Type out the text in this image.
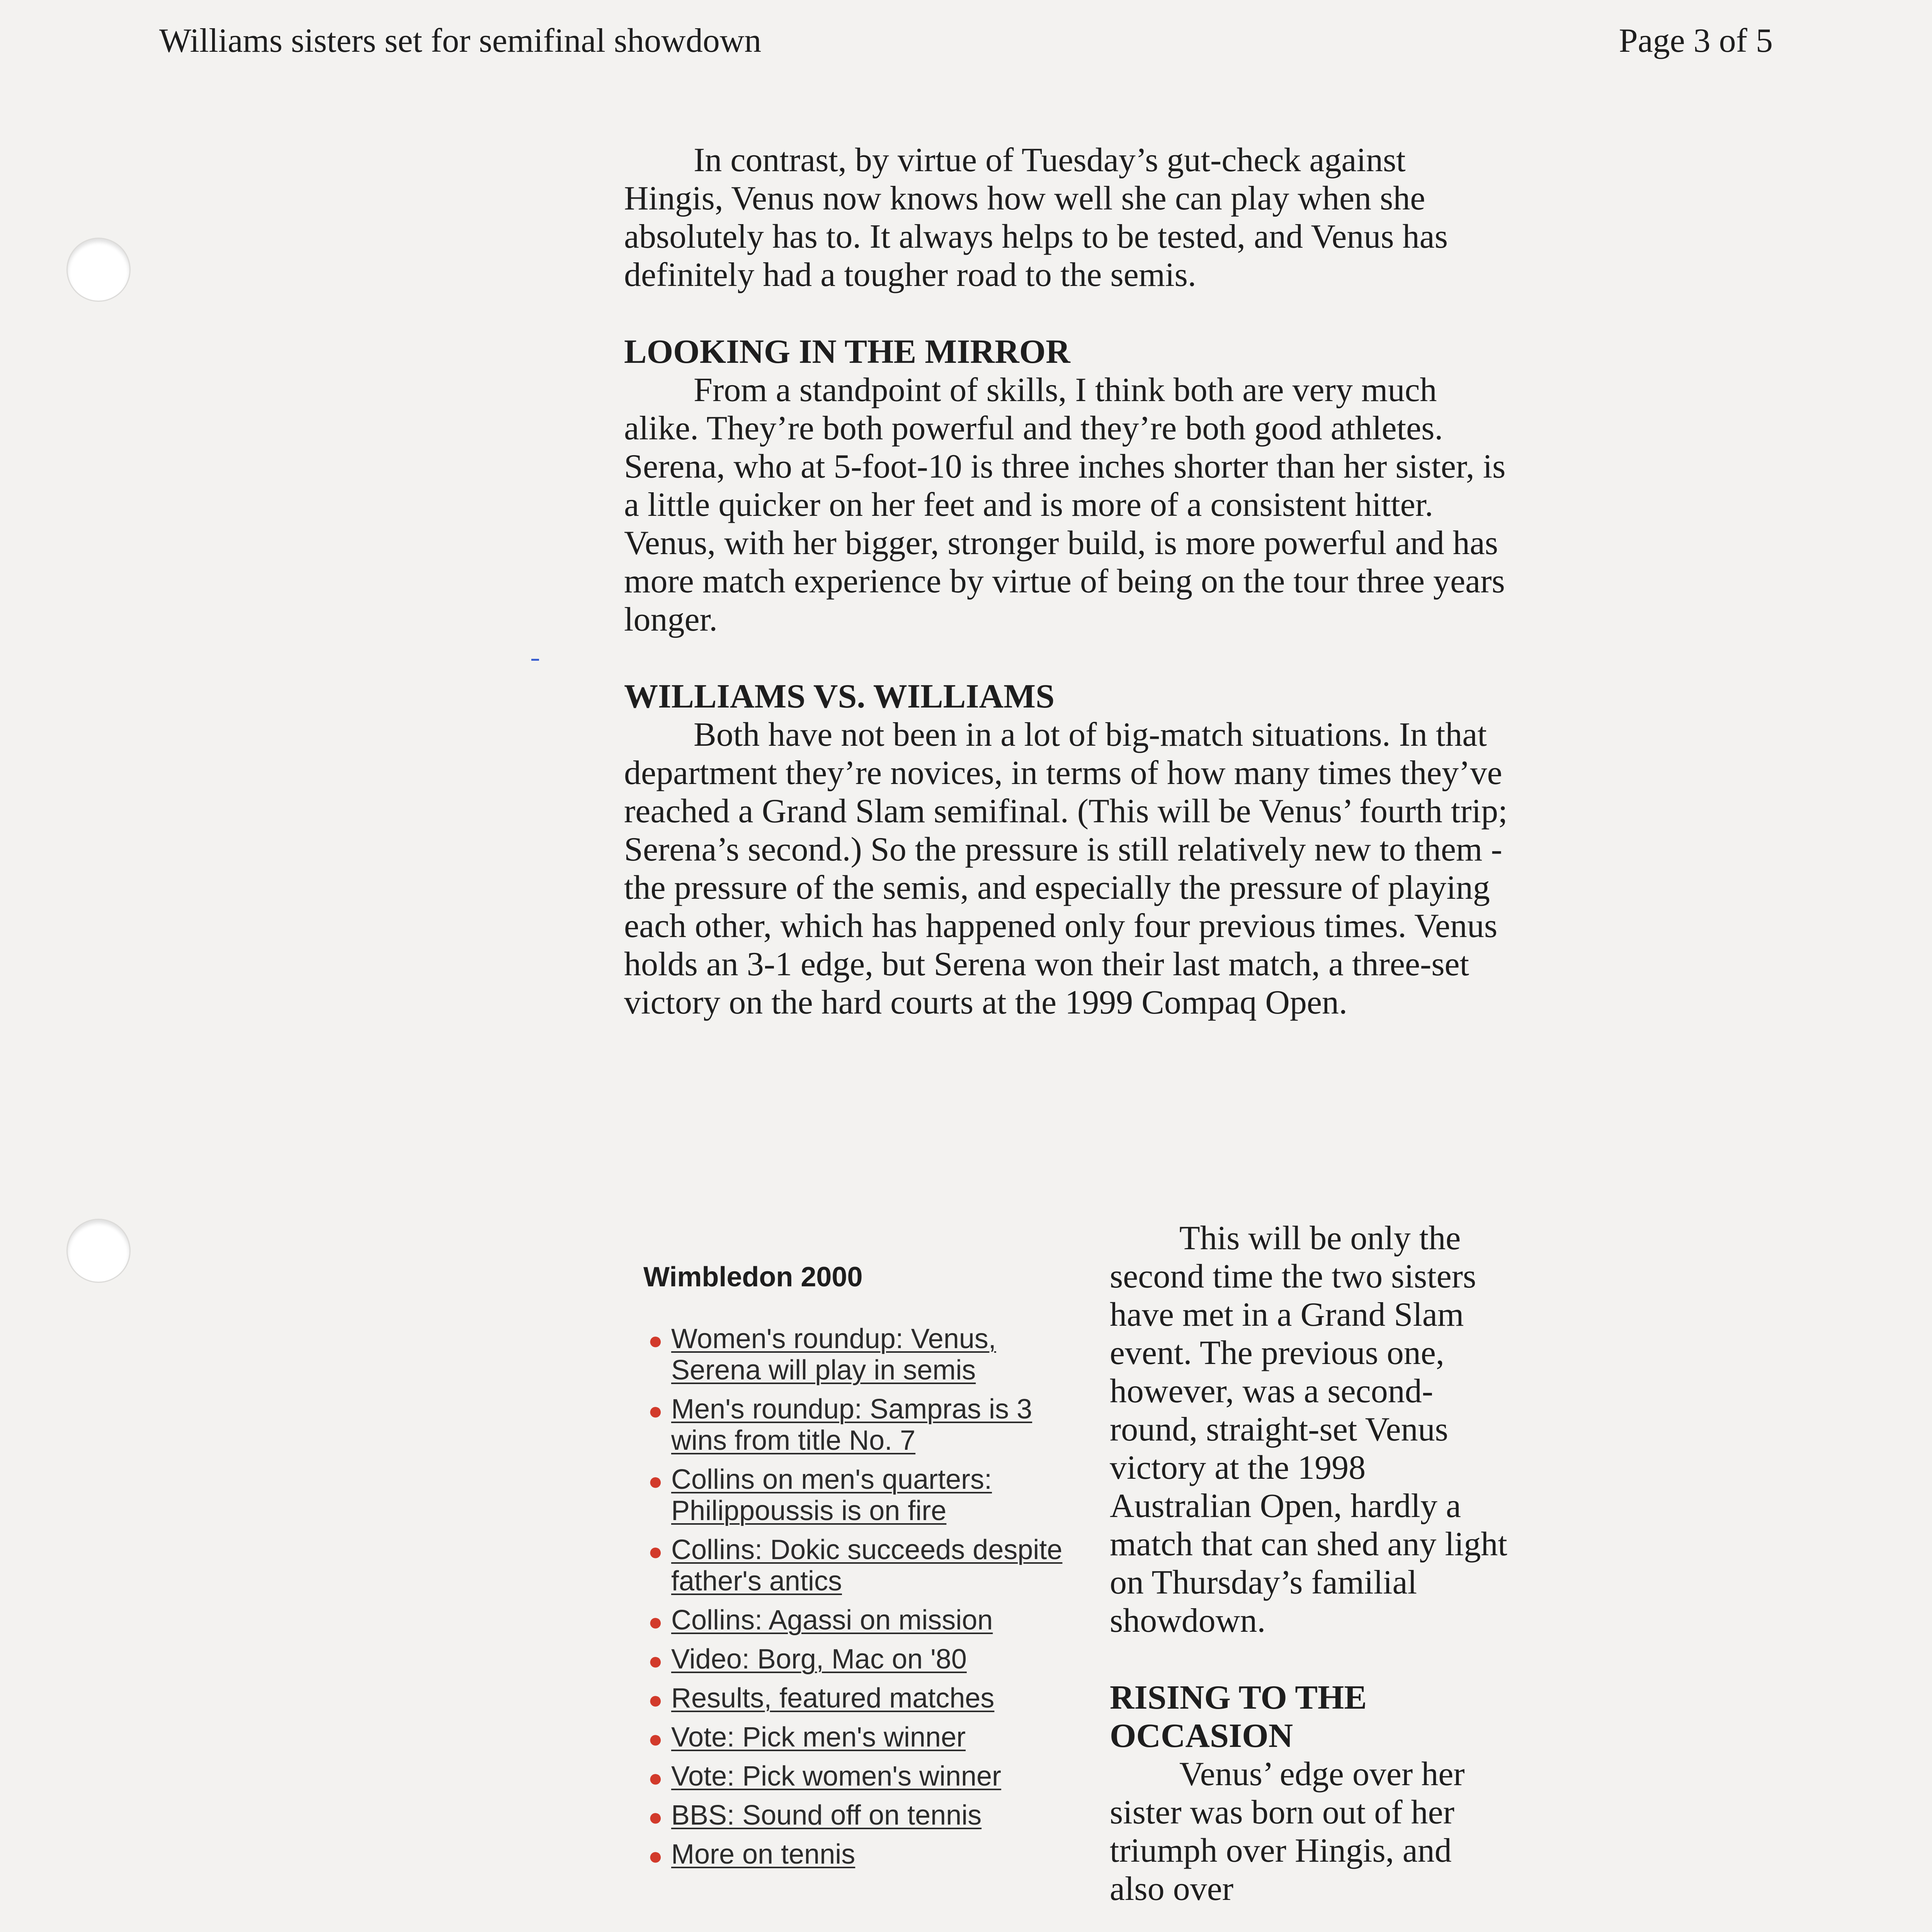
Williams sisters set for semifinal showdown	Page 3 of 5

In contrast, by virtue of Tuesday’s gut-check against Hingis, Venus now knows how well she can play when she absolutely has to. It always helps to be tested, and Venus has definitely had a tougher road to the semis.

LOOKING IN THE MIRROR

From a standpoint of skills, I think both are very much alike. They’re both powerful and they’re both good athletes. Serena, who at 5-foot-10 is three inches shorter than her sister, is a little quicker on her feet and is more of a consistent hitter. Venus, with her bigger, stronger build, is more powerful and has more match experience by virtue of being on the tour three years longer.

WILLIAMS VS. WILLIAMS

Both have not been in a lot of big-match situations. In that department they’re novices, in terms of how many times they’ve reached a Grand Slam semifinal. (This will be Venus’ fourth trip; Serena’s second.) So the pressure is still relatively new to them - the pressure of the semis, and especially the pressure of playing each other, which has happened only four previous times. Venus holds an 3-1 edge, but Serena won their last match, a three-set victory on the hard courts at the 1999 Compaq Open.

Wimbledon 2000

● Women's roundup: Venus, Serena will play in semis
● Men's roundup: Sampras is 3 wins from title No. 7
● Collins on men's quarters: Philippoussis is on fire
● Collins: Dokic succeeds despite father's antics
● Collins: Agassi on mission
● Video: Borg, Mac on '80
● Results, featured matches
● Vote: Pick men's winner
● Vote: Pick women's winner
● BBS: Sound off on tennis
● More on tennis

This will be only the second time the two sisters have met in a Grand Slam event. The previous one, however, was a second-round, straight-set Venus victory at the 1998 Australian Open, hardly a match that can shed any light on Thursday’s familial showdown.

RISING TO THE

OCCASION

Venus’ edge over her sister was born out of her triumph over Hingis, and also over
